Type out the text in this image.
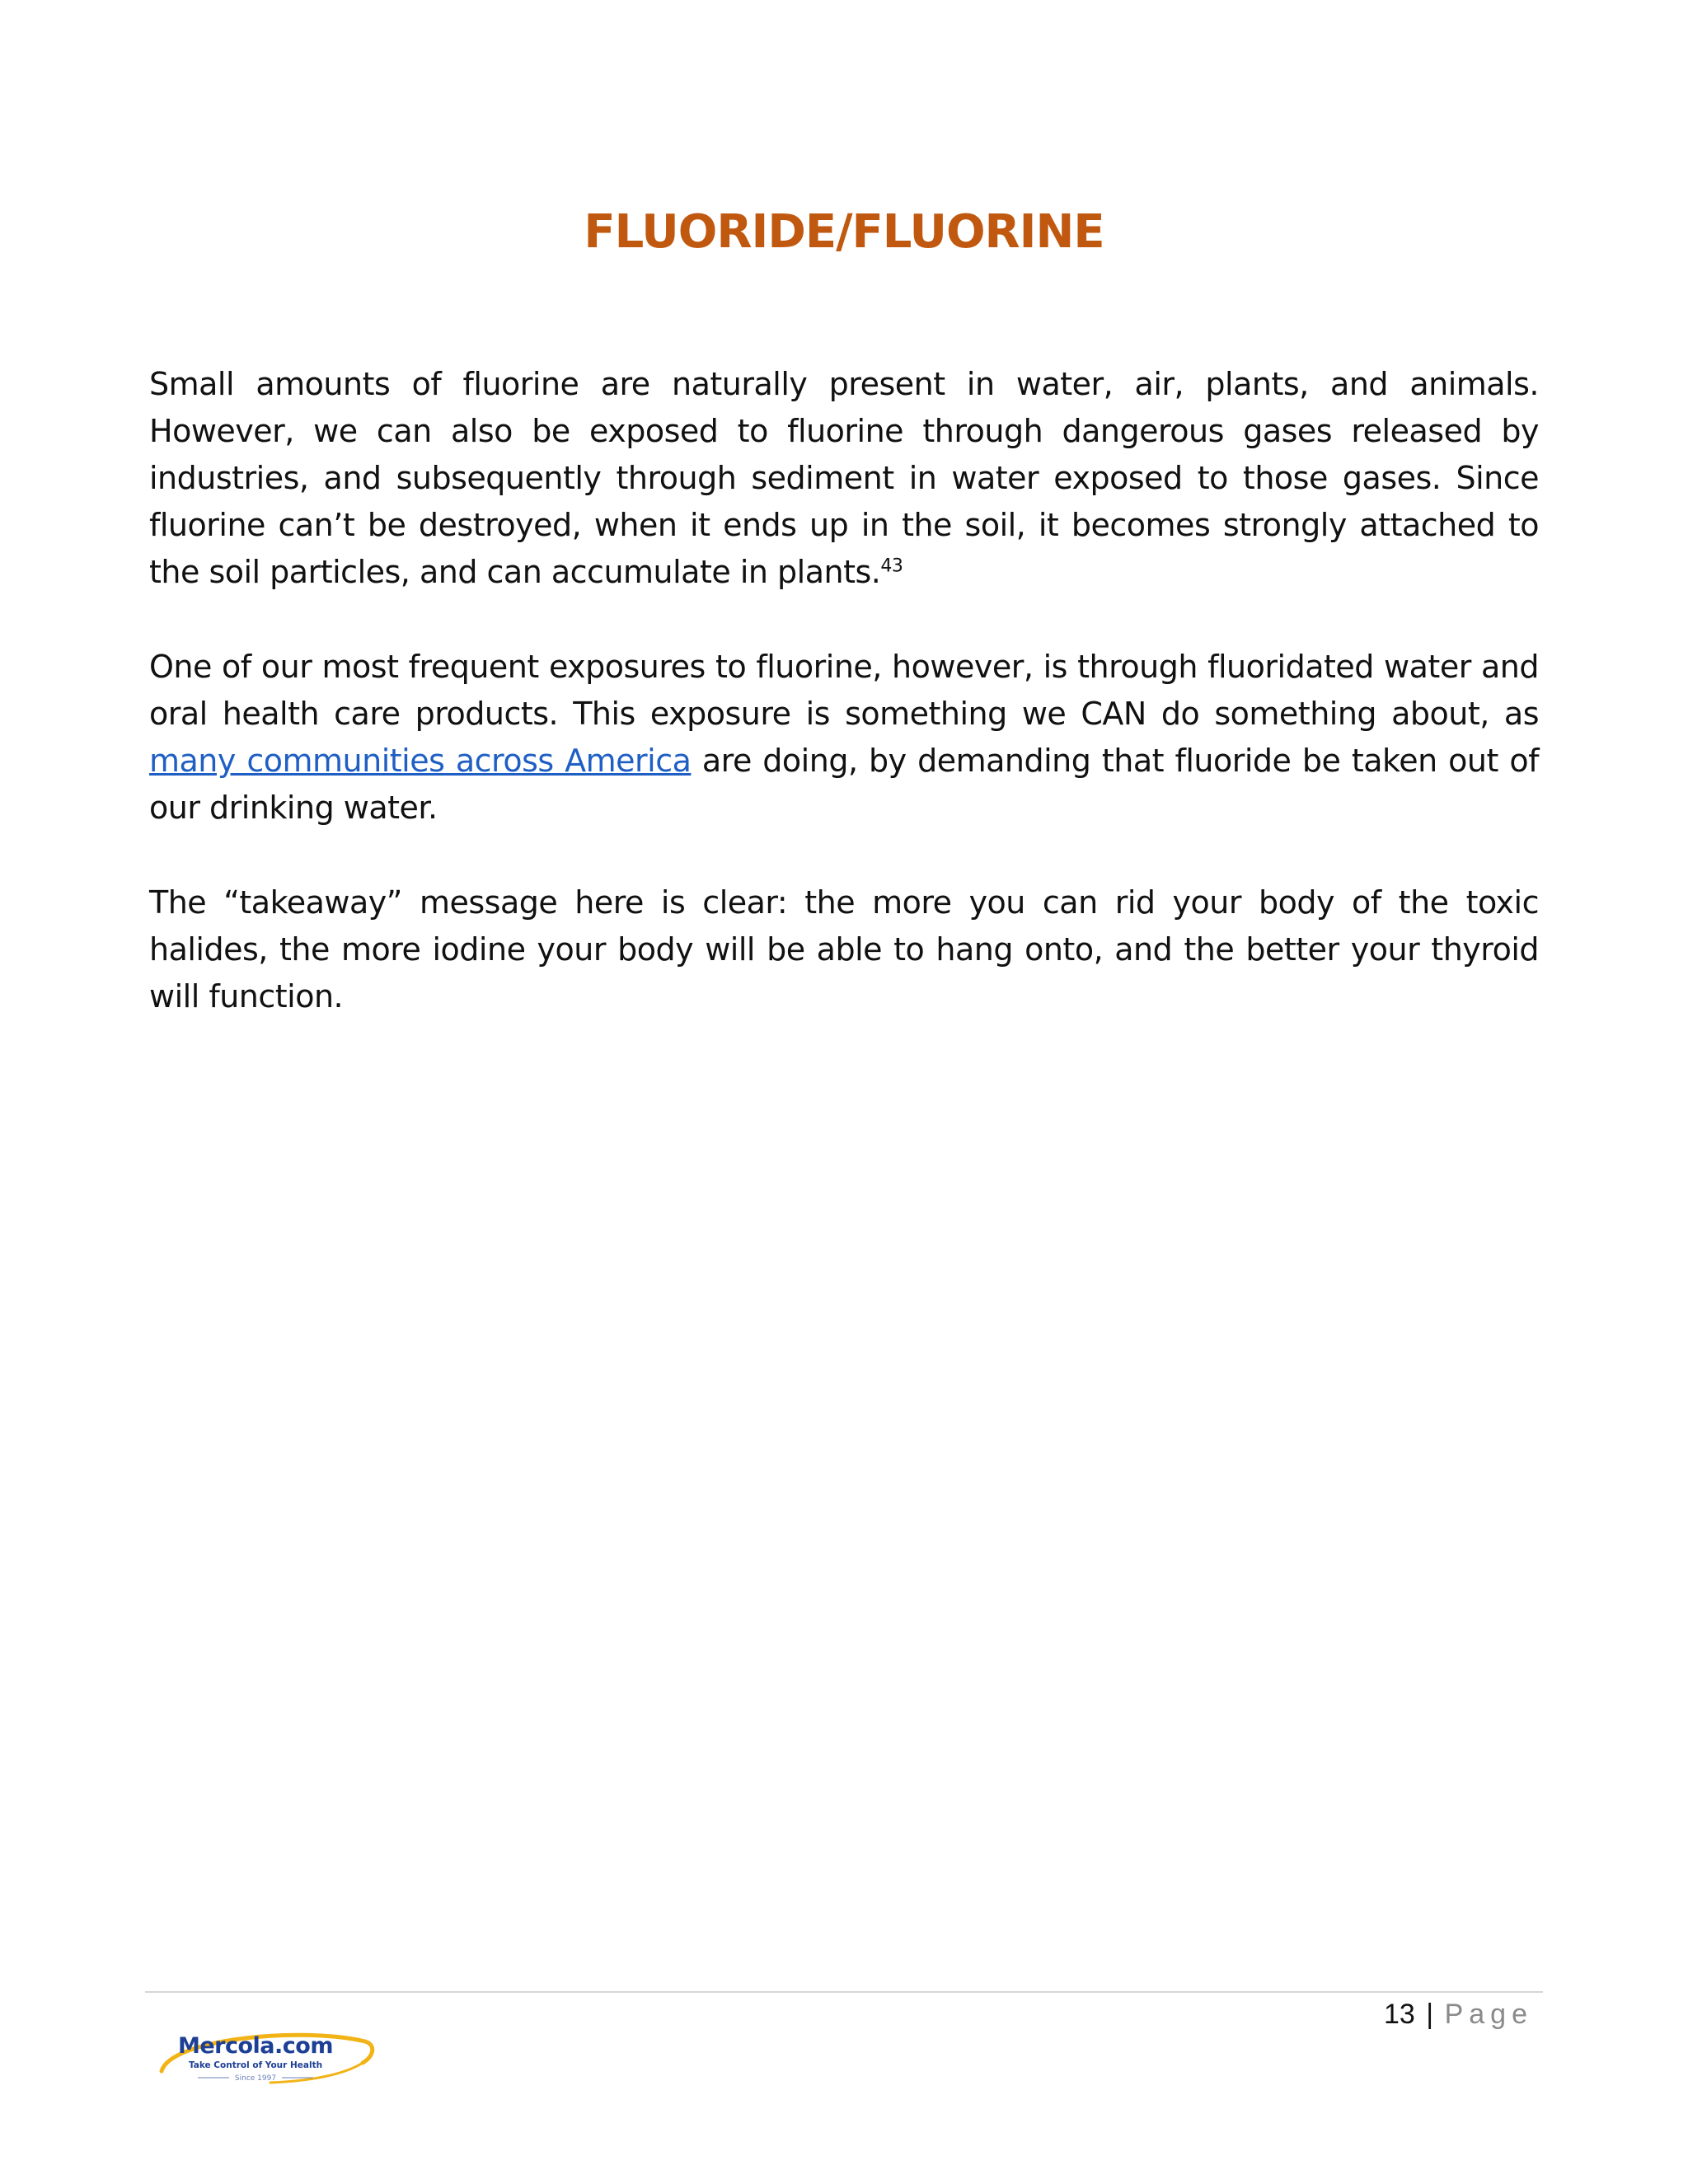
FLUORIDE/FLUORINE
Small amounts of fluorine are naturally present in water, air, plants, and animals. However, we can also be exposed to fluorine through dangerous gases released by industries, and subsequently through sediment in water exposed to those gases. Since fluorine can’t be destroyed, when it ends up in the soil, it becomes strongly attached to the soil particles, and can accumulate in plants.$^{43}$
One of our most frequent exposures to fluorine, however, is through fluoridated water and oral health care products. This exposure is something we CAN do something about, as many communities across America are doing, by demanding that fluoride be taken out of our drinking water.
The “takeaway” message here is clear: the more you can rid your body of the toxic halides, the more iodine your body will be able to hang onto, and the better your thyroid will function.
13 | Page
Mercola.com
Take Control of Your Health
Since 1997
